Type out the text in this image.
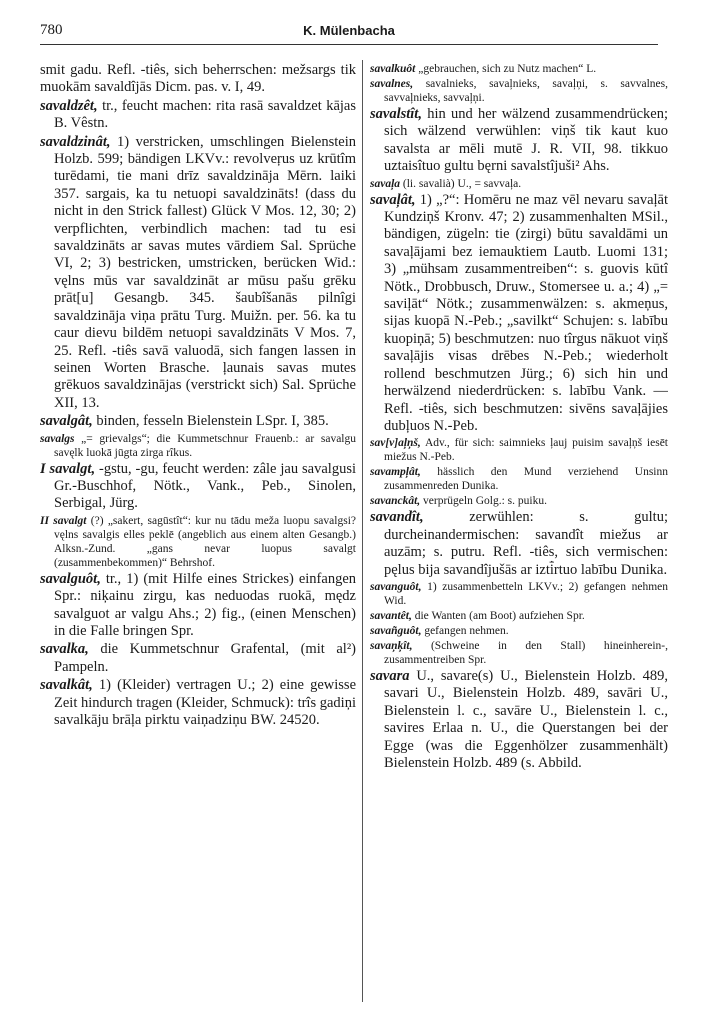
780	K. Mülenbacha

smit gadu. Refl. -tiês, sich beherrschen: mežsargs tik muokām savaldîjās Dicm. pas. v. I, 49.

savaldzêt, tr., feucht machen: rita rasā savaldzet kājas B. Vêstn.

savaldzinât, 1) verstricken, umschlingen Bielenstein Holzb. 599; bändigen LKVv.: revolveŗus uz krūtîm turēdami, tie mani drīz savaldzināja Mērn. laiki 357. sargais, ka tu netuopi savaldzināts! (dass du nicht in den Strick fallest) Glück V Mos. 12, 30; 2) verpflichten, verbindlich machen: tad tu esi savaldzināts ar savas mutes vārdiem Sal. Sprüche VI, 2; 3) bestricken, umstricken, berücken Wid.: vęlns mūs var savaldzināt ar mūsu pašu grēku prāt[u] Gesangb. 345. šaubîšanās pilnîgi savaldzināja viņa prātu Turg. Muižn. per. 56. ka tu caur dievu bildēm netuopi savaldzināts V Mos. 7, 25. Refl. -tiês savā valuodā, sich fangen lassen in seinen Worten Brasche. ļaunais savas mutes grēkuos savaldzinājas (verstrickt sich) Sal. Sprüche XII, 13.

savalgât, binden, fesseln Bielenstein LSpr. I, 385.

savalgs „= grievalgs“; die Kummetschnur Frauenb.: ar savalgu savęlk luokā jūgta zirga rîkus.

I savalgt, -gstu, -gu, feucht werden: zâle jau savalgusi Gr.-Buschhof, Nötk., Vank., Peb., Sinolen, Serbigal, Jürg.

II savalgt (?) „sakert, sagūstît“: kur nu tādu meža luopu savalgsi? vęlns savalgis elles peklē (angeblich aus einem alten Gesangb.) Alksn.-Zund. „gans nevar luopus savalgt (zusammenbekommen)“ Behrshof.

savalguôt, tr., 1) (mit Hilfe eines Strickes) einfangen Spr.: niķainu zirgu, kas neduodas ruokā, mędz savalguot ar valgu Ahs.; 2) fig., (einen Menschen) in die Falle bringen Spr.

savalka, die Kummetschnur Grafental, (mit al²) Pampeln.

savalkât, 1) (Kleider) vertragen U.; 2) eine gewisse Zeit hindurch tragen (Kleider, Schmuck): trîs gadiņi savalkāju brāļa pirktu vaiņadziņu BW. 24520.

savalkuôt „gebrauchen, sich zu Nutz machen“ L.

savalnes, savalnieks, savaļnieks, savaļņi, s. savvalnes, savvaļnieks, savvaļņi.

savalstît, hin und her wälzend zusammendrücken; sich wälzend verwühlen: viņš tik kaut kuo savalsta ar mēli mutē J. R. VII, 98. tikkuo uztaisîtuo gultu bęrni savalstîjuši² Ahs.

savaļa (li. savalià) U., = savvaļa.

savaļât, 1) „?“: Homēru ne maz vēl nevaru savaļāt Kundziņš Kronv. 47; 2) zusammenhalten MSil., bändigen, zügeln: tie (zirgi) būtu savaldāmi un savaļājami bez iemauktiem Lautb. Luomi 131; 3) „mühsam zusammentreiben“: s. guovis kūtî Nötk., Drobbusch, Druw., Stomersee u. a.; 4) „= saviļāt“ Nötk.; zusammenwälzen: s. akmeņus, sijas kuopā N.-Peb.; „savilkt“ Schujen: s. labību kuopiņā; 5) beschmutzen: nuo tîrgus nākuot viņš savaļājis visas drēbes N.-Peb.; wiederholt rollend beschmutzen Jürg.; 6) sich hin und herwälzend niederdrücken: s. labību Vank. — Refl. -tiês, sich beschmutzen: sivēns savaļājies dubļuos N.-Peb.

sav[v]aļņš, Adv., für sich: saimnieks ļauj puisim savaļņš iesēt miežus N.-Peb.

savampļât, hässlich den Mund verziehend Unsinn zusammenreden Dunika.

savanckât, verprügeln Golg.: s. puiku.

savandît, zerwühlen: s. gultu; durcheinandermischen: savandît miežus ar auzām; s. putru. Refl. -tiês, sich vermischen: pęlus bija savandîjušās ar izti̇̄rtuo labību Dunika.

savanguôt, 1) zusammenbetteln LKVv.; 2) gefangen nehmen Wid.

savantêt, die Wanten (am Boot) aufziehen Spr.

savañguôt, gefangen nehmen.

savaņķît, (Schweine in den Stall) hineinherein-, zusammentreiben Spr.

savara U., savare(s) U., Bielenstein Holzb. 489, savari U., Bielenstein Holzb. 489, savāri U., Bielenstein l. c., savāre U., Bielenstein l. c., savires Erlaa n. U., die Querstangen bei der Egge (was die Eggenhölzer zusammenhält) Bielenstein Holzb. 489 (s. Abbild.
